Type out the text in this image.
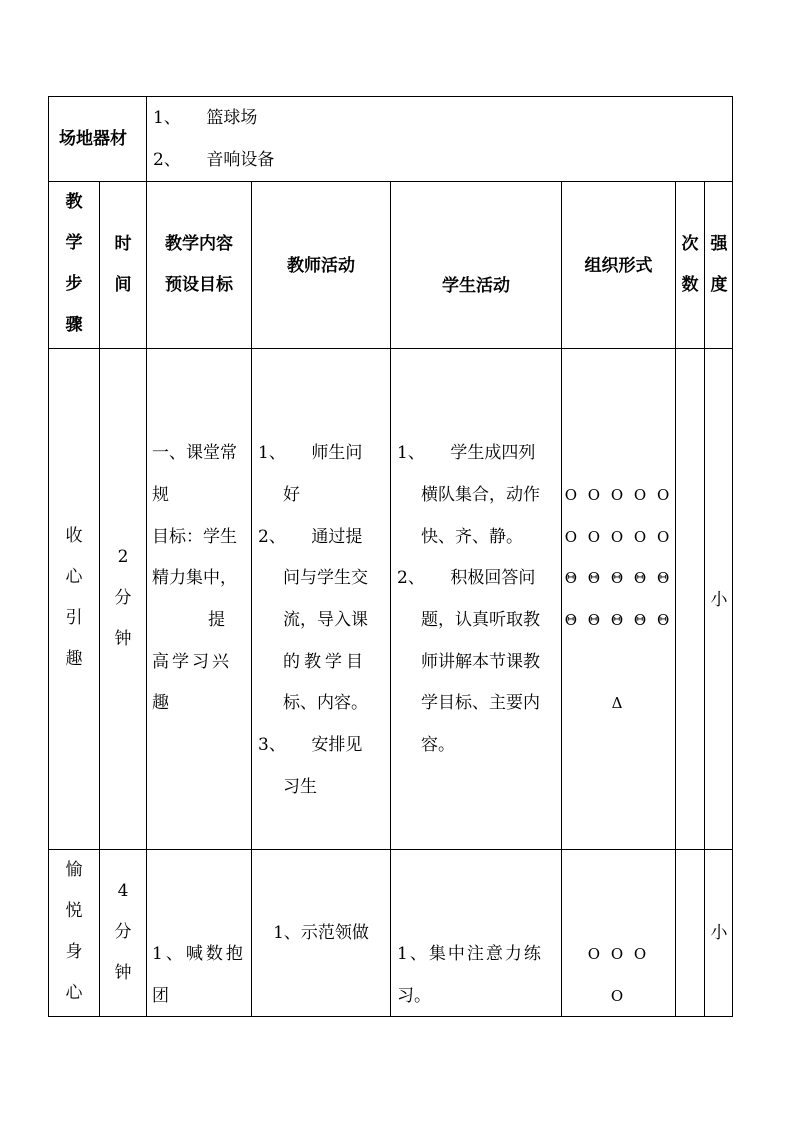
场地器材
1、　　篮球场
2、　　音响设备
教
学
步
骤
时
间
教学内容
预设目标
教师活动
学生活动
组织形式
次
数
强
度
收
心
引
趣
2
分
钟
一、课堂常
规
目标：学生
精力集中，
提
高学习兴
趣
1、　　师生问
好
2、　　通过提
问与学生交
流，导入课
的教学目
标、内容。
3、　　安排见
习生
1、　　学生成四列
横队集合，动作
快、齐、静。
2、　　积极回答问
题，认真听取教
师讲解本节课教
学目标、主要内
容。
O O O O O
O O O O O
Θ Θ Θ Θ Θ
Θ Θ Θ Θ Θ
Δ
小
愉
悦
身
心
4
分
钟
1、喊数抱
团
1、示范领做
1、集中注意力练
习。
O O O
O
小
